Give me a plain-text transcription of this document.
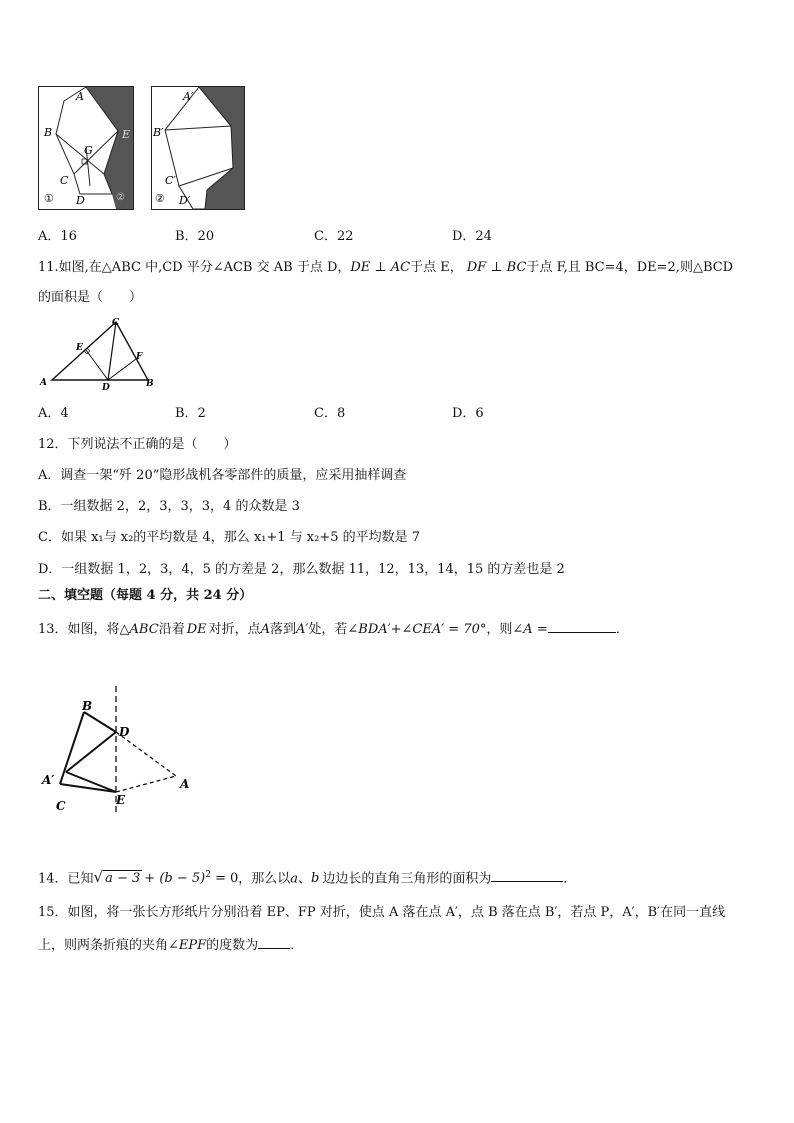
A
B	E
G
C
D
①	②
A′
B′
C′
D′
②
A．16	B．20	C．22	D．24
11.如图,在△ABC 中,CD 平分∠ACB 交 AB 于点 D，DE ⊥ AC于点 E， DF ⊥ BC于点 F,且 BC=4，DE=2,则△BCD
的面积是（　　）
C
E
F
A	D	B
A．4	B．2	C．8	D．6
12．下列说法不正确的是（　　）
A．调查一架“歼 20”隐形战机各零部件的质量，应采用抽样调查
B．一组数据 2，2，3，3，3，4 的众数是 3
C．如果 x₁与 x₂的平均数是 4，那么 x₁+1 与 x₂+5 的平均数是 7
D．一组数据 1，2，3，4，5 的方差是 2，那么数据 11，12，13，14，15 的方差也是 2
二、填空题（每题 4 分，共 24 分）
13．如图，将△ABC沿着 DE 对折，点A落到A′处，若∠BDA′+∠CEA′ = 70°，则∠A =	．
B
D
A′	A
C	E
14．已知√ $a - 3 + (b - 5)^2 = 0$，那么以a、b 边边长的直角三角形的面积为	．
15．如图，将一张长方形纸片分别沿着 EP、FP 对折，使点 A 落在点 A′，点 B 落在点 B′，若点 P，A′，B′在同一直线
上，则两条折痕的夹角∠EPF的度数为 ．
